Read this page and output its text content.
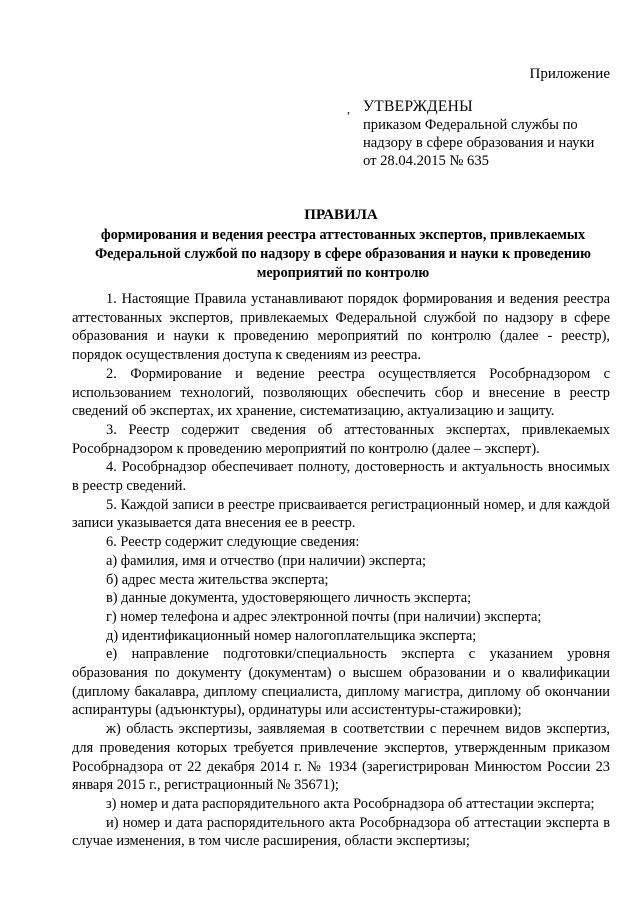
Приложение
, УТВЕРЖДЕНЫ
приказом Федеральной службы по
надзору в сфере образования и науки
от 28.04.2015 № 635
ПРАВИЛА
формирования и ведения реестра аттестованных экспертов, привлекаемых
Федеральной службой по надзору в сфере образования и науки к проведению
мероприятий по контролю

1. Настоящие Правила устанавливают порядок формирования и ведения реестра аттестованных экспертов, привлекаемых Федеральной службой по надзору в сфере образования и науки к проведению мероприятий по контролю (далее - реестр), порядок осуществления доступа к сведениям из реестра.

2. Формирование и ведение реестра осуществляется Рособрнадзором с использованием технологий, позволяющих обеспечить сбор и внесение в реестр сведений об экспертах, их хранение, систематизацию, актуализацию и защиту.

3. Реестр содержит сведения об аттестованных экспертах, привлекаемых Рособрнадзором к проведению мероприятий по контролю (далее – эксперт).

4. Рособрнадзор обеспечивает полноту, достоверность и актуальность вносимых в реестр сведений.

5. Каждой записи в реестре присваивается регистрационный номер, и для каждой записи указывается дата внесения ее в реестр.

6. Реестр содержит следующие сведения:

а) фамилия, имя и отчество (при наличии) эксперта;

б) адрес места жительства эксперта;

в) данные документа, удостоверяющего личность эксперта;

г) номер телефона и адрес электронной почты (при наличии) эксперта;

д) идентификационный номер налогоплательщика эксперта;

е) направление подготовки/специальность эксперта с указанием уровня образования по документу (документам) о высшем образовании и о квалификации (диплому бакалавра, диплому специалиста, диплому магистра, диплому об окончании аспирантуры (адъюнктуры), ординатуры или ассистентуры-стажировки);

ж) область экспертизы, заявляемая в соответствии с перечнем видов экспертиз, для проведения которых требуется привлечение экспертов, утвержденным приказом Рособрнадзора от 22 декабря 2014 г. № 1934 (зарегистрирован Минюстом России 23 января 2015 г., регистрационный № 35671);

з) номер и дата распорядительного акта Рособрнадзора об аттестации эксперта;

и) номер и дата распорядительного акта Рособрнадзора об аттестации эксперта в случае изменения, в том числе расширения, области экспертизы;
